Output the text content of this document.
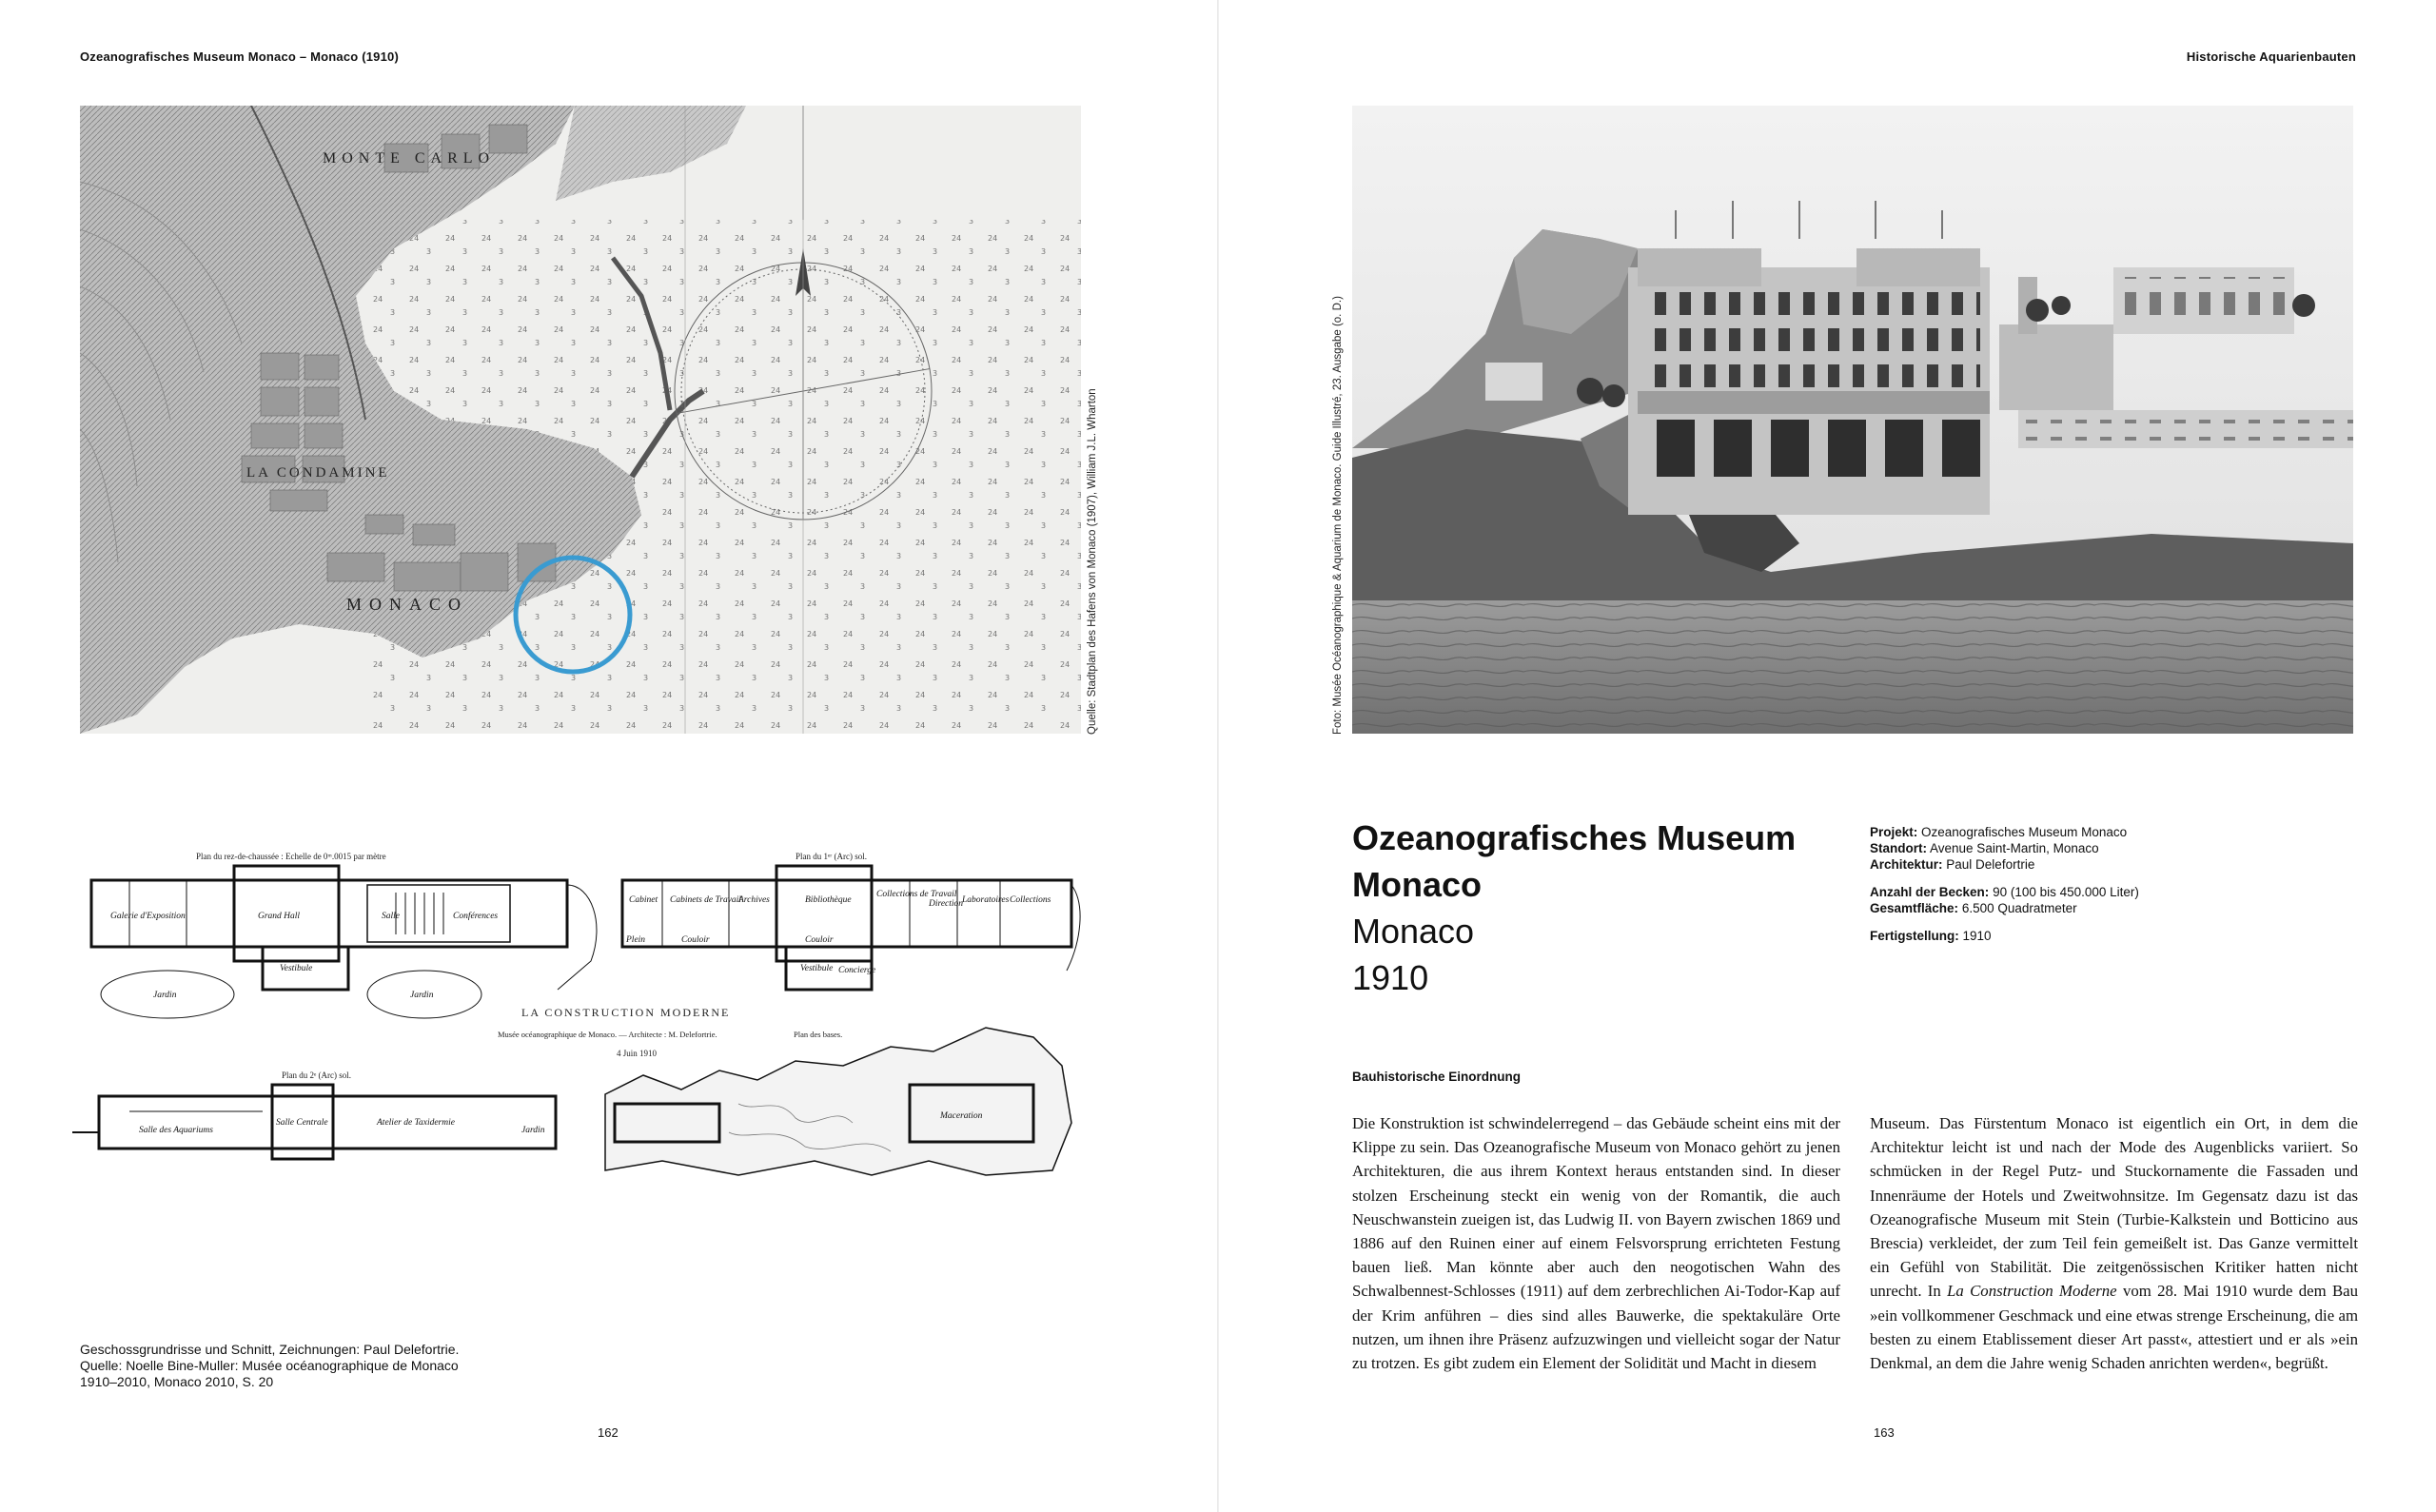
Ozeanografisches Museum Monaco – Monaco (1910)
MONTE CARLO
LA CONDAMINE
MONACO	Quelle: Stadtplan des Hafens von Monaco (1907), William J.L. Wharton
Plan du rez-de-chaussée : Echelle de 0ᵐ.0015 par mètre	Plan du 1ᵉʳ (Arc) sol.
Plan du 2ᵉ (Arc) sol.
LA CONSTRUCTION MODERNE
Musée océanographique de Monaco. — Architecte : M. Delefortrie.
4 Juin 1910
Plan des bases.
Galerie d'Exposition	Grand Hall	Salle	Conférences
Vestibule
Jardin	Jardin
Cabinet Cabinets de Travail
Archives	Bibliothèque
Collections de Travail
Direction
Laboratoires Collections
Plein	Couloir	Couloir
Vestibule Concierge
Salle Centrale
Salle des Aquariums
Atelier de Taxidermie
Jardin
Maceration
Geschossgrundrisse und Schnitt, Zeichnungen: Paul Delefortrie.
Quelle: Noelle Bine-Muller: Musée océanographique de Monaco
1910–2010, Monaco 2010, S. 20
162
Historische Aquarienbauten
163
Foto: Musée Océanographique & Aquarium de Monaco. Guide Illustré, 23. Ausgabe (o. D.)
Ozeanografisches Museum
Monaco
Monaco
1910
Projekt: Ozeanografisches Museum Monaco
Standort: Avenue Saint-Martin, Monaco
Architektur: Paul Delefortrie
Anzahl der Becken: 90 (100 bis 450.000 Liter)
Gesamtfläche: 6.500 Quadratmeter
Fertigstellung: 1910
Bauhistorische Einordnung
Die Konstruktion ist schwindelerregend – das Gebäude scheint eins mit der Klippe zu sein. Das Ozeanografische Museum von Monaco gehört zu jenen Architekturen, die aus ihrem Kontext heraus entstanden sind. In dieser stolzen Erscheinung steckt ein wenig von der Romantik, die auch Neuschwanstein zueigen ist, das Ludwig II. von Bayern zwischen 1869 und 1886 auf den Ruinen einer auf einem Felsvorsprung errichteten Festung bauen ließ. Man könnte aber auch den neogotischen Wahn des Schwalbennest-Schlosses (1911) auf dem zerbrechlichen Ai-Todor-Kap auf der Krim anführen – dies sind alles Bauwerke, die spektakuläre Orte nutzen, um ihnen ihre Präsenz aufzuzwingen und vielleicht sogar der Natur zu trotzen. Es gibt zudem ein Element der Solidität und Macht in diesem
Museum. Das Fürstentum Monaco ist eigentlich ein Ort, in dem die Architektur leicht ist und nach der Mode des Augenblicks variiert. So schmücken in der Regel Putz- und Stuckornamente die Fassaden und Innenräume der Hotels und Zweitwohnsitze. Im Gegensatz dazu ist das Ozeanografische Museum mit Stein (Turbie-Kalkstein und Botticino aus Brescia) verkleidet, der zum Teil fein gemeißelt ist. Das Ganze vermittelt ein Gefühl von Stabilität. Die zeitgenössischen Kritiker hatten nicht unrecht. In La Construction Moderne vom 28. Mai 1910 wurde dem Bau »ein vollkommener Geschmack und eine etwas strenge Erscheinung, die am besten zu einem Etablissement dieser Art passt«, attestiert und er als »ein Denkmal, an dem die Jahre wenig Schaden anrichten werden«, begrüßt.
